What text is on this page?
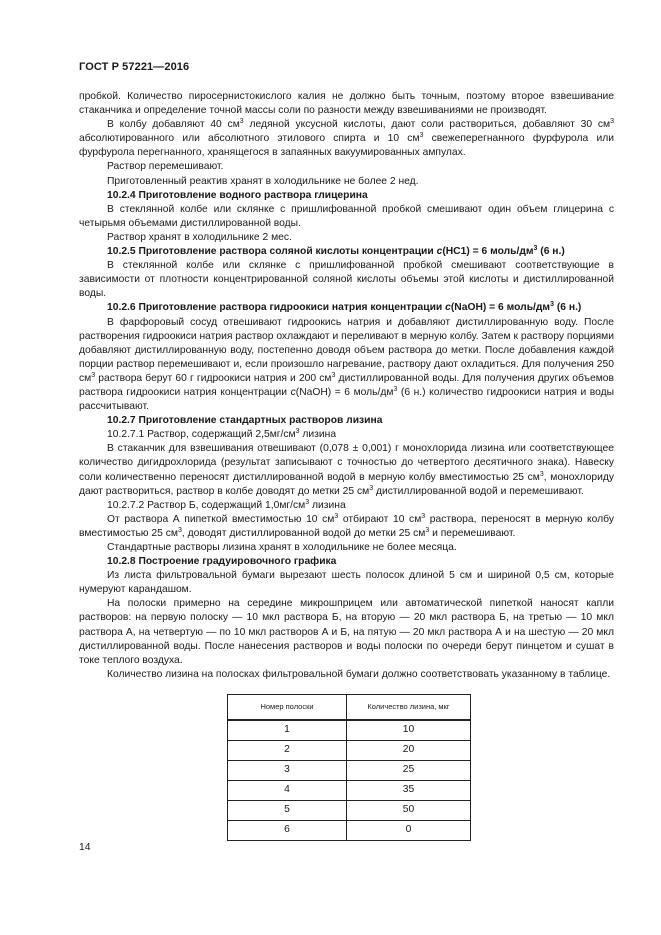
ГОСТ Р 57221—2016

пробкой. Количество пиросернистокислого калия не должно быть точным, поэтому второе взвешивание стаканчика и определение точной массы соли по разности между взвешиваниями не производят.

В колбу добавляют 40 $см^3$ ледяной уксусной кислоты, дают соли раствориться, добавляют 30 $см^3$ абсолютированного или абсолютного этилового спирта и 10 $см^3$ свежеперегнанного фурфурола или фурфурола перегнанного, хранящегося в запаянных вакуумированных ампулах.

Раствор перемешивают.

Приготовленный реактив хранят в холодильнике не более 2 нед.

10.2.4 Приготовление водного раствора глицерина

В стеклянной колбе или склянке с пришлифованной пробкой смешивают один объем глицерина с четырьмя объемами дистиллированной воды.

Раствор хранят в холодильнике 2 мес.

10.2.5 Приготовление раствора соляной кислоты концентрации c(HC1) = 6 моль/$дм^3$ (6 н.)

В стеклянной колбе или склянке с пришлифованной пробкой смешивают соответствующие в зависимости от плотности концентрированной соляной кислоты объемы этой кислоты и дистиллированной воды.

10.2.6 Приготовление раствора гидроокиси натрия концентрации c(NaOH) = 6 моль/$дм^3$ (6 н.)

В фарфоровый сосуд отвешивают гидроокись натрия и добавляют дистиллированную воду. После растворения гидроокиси натрия раствор охлаждают и переливают в мерную колбу. Затем к раствору порциями добавляют дистиллированную воду, постепенно доводя объем раствора до метки. После добавления каждой порции раствор перемешивают и, если произошло нагревание, раствору дают охладиться. Для получения 250 $см^3$ раствора берут 60 г гидроокиси натрия и 200 $см^3$ дистиллированной воды. Для получения других объемов раствора гидроокиси натрия концентрации c(NaOH) = 6 моль/$дм^3$ (6 н.) количество гидроокиси натрия и воды рассчитывают.

10.2.7 Приготовление стандартных растворов лизина

10.2.7.1 Раствор, содержащий $2,5мг/см^3$ лизина

В стаканчик для взвешивания отвешивают (0,078 ± 0,001) г монохлорида лизина или соответствующее количество дигидрохлорида (результат записывают с точностью до четвертого десятичного знака). Навеску соли количественно переносят дистиллированной водой в мерную колбу вместимостью 25 $см^3$, монохлориду дают раствориться, раствор в колбе доводят до метки 25 $см^3$ дистиллированной водой и перемешивают.

10.2.7.2 Раствор Б, содержащий $1,0мг/см^3$ лизина

От раствора А пипеткой вместимостью 10 $см^3$ отбирают 10 $см^3$ раствора, переносят в мерную колбу вместимостью 25 $см^3$, доводят дистиллированной водой до метки 25 $см^3$ и перемешивают.

Стандартные растворы лизина хранят в холодильнике не более месяца.

10.2.8 Построение градуировочного графика

Из листа фильтровальной бумаги вырезают шесть полосок длиной 5 см и шириной 0,5 см, которые нумеруют карандашом.

На полоски примерно на середине микрошприцем или автоматической пипеткой наносят капли растворов: на первую полоску — 10 мкл раствора Б, на вторую — 20 мкл раствора Б, на третью — 10 мкл раствора А, на четвертую — по 10 мкл растворов А и Б, на пятую — 20 мкл раствора А и на шестую — 20 мкл дистиллированной воды. После нанесения растворов и воды полоски по очереди берут пинцетом и сушат в токе теплого воздуха.

Количество лизина на полосках фильтровальной бумаги должно соответствовать указанному в таблице.

Номер полоски	Количество лизина, мкг
1	10
2	20
3	25
4	35
5	50
6	0
14
